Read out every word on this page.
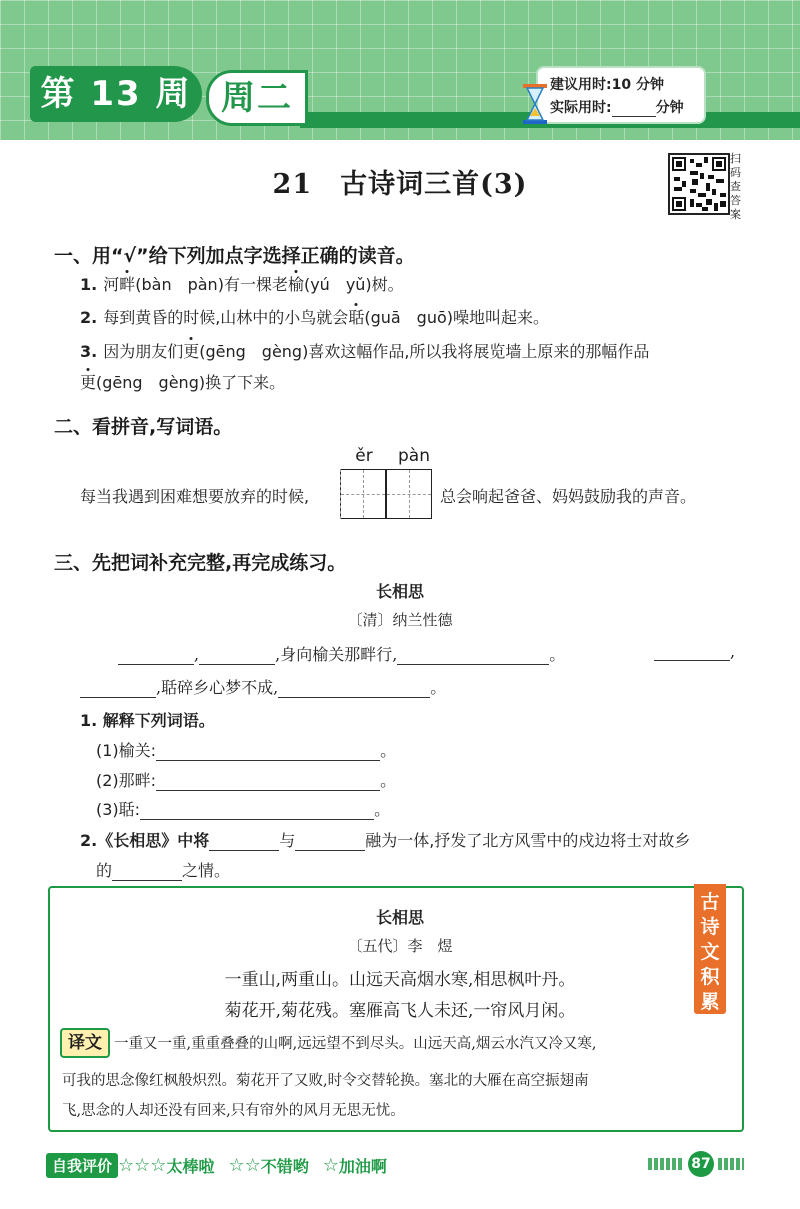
第 13 周 周二	建议用时:10 分钟
实际用时:	分钟
扫码查答案
21　古诗词三首(3)
一、用“√”给下列加点字选择正确的读音。
1. 河畔(bàn　pàn)有一棵老榆(yú　yǔ)树。
2. 每到黄昏的时候,山林中的小鸟就会聒(guā　guō)噪地叫起来。
3. 因为朋友们更(gēng　gèng)喜欢这幅作品,所以我将展览墙上原来的那幅作品
更(gēng　gèng)换了下来。
二、看拼音,写词语。
ěr	pàn
每当我遇到困难想要放弃的时候,	总会响起爸爸、妈妈鼓励我的声音。
三、先把词补充完整,再完成练习。
长相思
〔清〕纳兰性德
,	,身向榆关那畔行,	。	,
,聒碎乡心梦不成,	。
1. 解释下列词语。
(1)榆关:	。
(2)那畔:	。
(3)聒:	。
2.《长相思》中将	与	融为一体,抒发了北方风雪中的戍边将士对故乡
的	之情。
古诗文积累
长相思
〔五代〕李　煜
一重山,两重山。山远天高烟水寒,相思枫叶丹。
菊花开,菊花残。塞雁高飞人未还,一帘风月闲。
译文 一重又一重,重重叠叠的山啊,远远望不到尽头。山远天高,烟云水汽又冷又寒,
可我的思念像红枫般炽烈。菊花开了又败,时令交替轮换。塞北的大雁在高空振翅南
飞,思念的人却还没有回来,只有帘外的风月无思无忧。
自我评价 ☆☆☆ 太棒啦 ☆☆ 不错哟 ☆ 加油啊	87
